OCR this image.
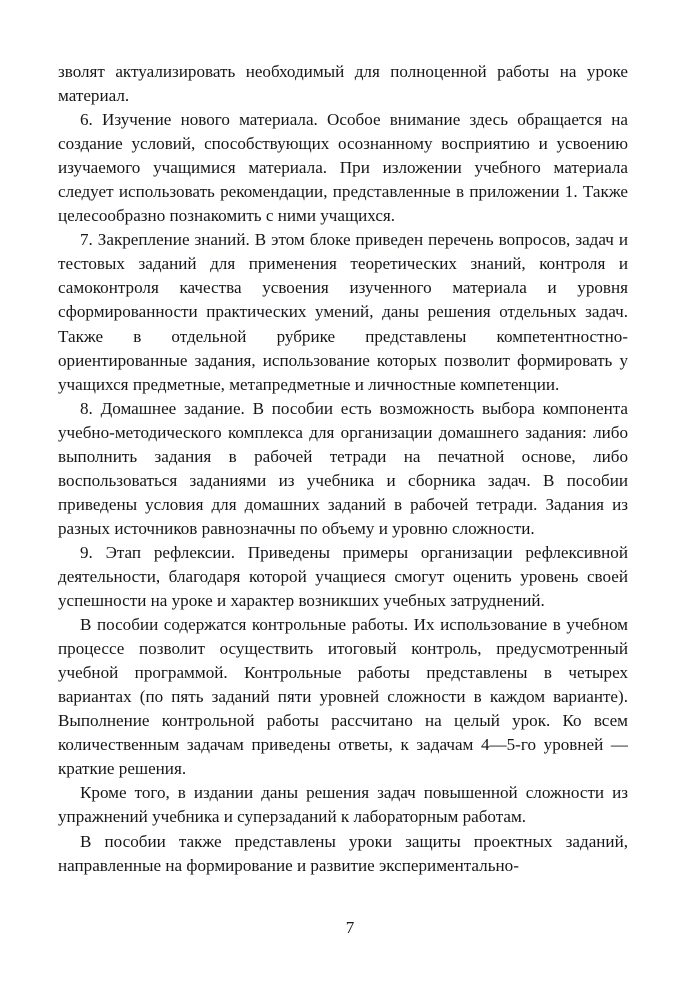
зволят актуализировать необходимый для полноценной работы на уроке материал.

6. Изучение нового материала. Особое внимание здесь обращается на создание условий, способствующих осознанному восприятию и усвоению изучаемого учащимися материала. При изложении учебного материала следует использовать рекомендации, представленные в приложении 1. Также целесообразно познакомить с ними учащихся.

7. Закрепление знаний. В этом блоке приведен перечень вопросов, задач и тестовых заданий для применения теоретических знаний, контроля и самоконтроля качества усвоения изученного материала и уровня сформированности практических умений, даны решения отдельных задач. Также в отдельной рубрике представлены компетентностно-ориентированные задания, использование которых позволит формировать у учащихся предметные, метапредметные и личностные компетенции.

8. Домашнее задание. В пособии есть возможность выбора компонента учебно-методического комплекса для организации домашнего задания: либо выполнить задания в рабочей тетради на печатной основе, либо воспользоваться заданиями из учебника и сборника задач. В пособии приведены условия для домашних заданий в рабочей тетради. Задания из разных источников равнозначны по объему и уровню сложности.

9. Этап рефлексии. Приведены примеры организации рефлексивной деятельности, благодаря которой учащиеся смогут оценить уровень своей успешности на уроке и характер возникших учебных затруднений.

В пособии содержатся контрольные работы. Их использование в учебном процессе позволит осуществить итоговый контроль, предусмотренный учебной программой. Контрольные работы представлены в четырех вариантах (по пять заданий пяти уровней сложности в каждом варианте). Выполнение контрольной работы рассчитано на целый урок. Ко всем количественным задачам приведены ответы, к задачам 4—5-го уровней — краткие решения.

Кроме того, в издании даны решения задач повышенной сложности из упражнений учебника и суперзаданий к лабораторным работам.

В пособии также представлены уроки защиты проектных заданий, направленные на формирование и развитие экспериментально-

7
